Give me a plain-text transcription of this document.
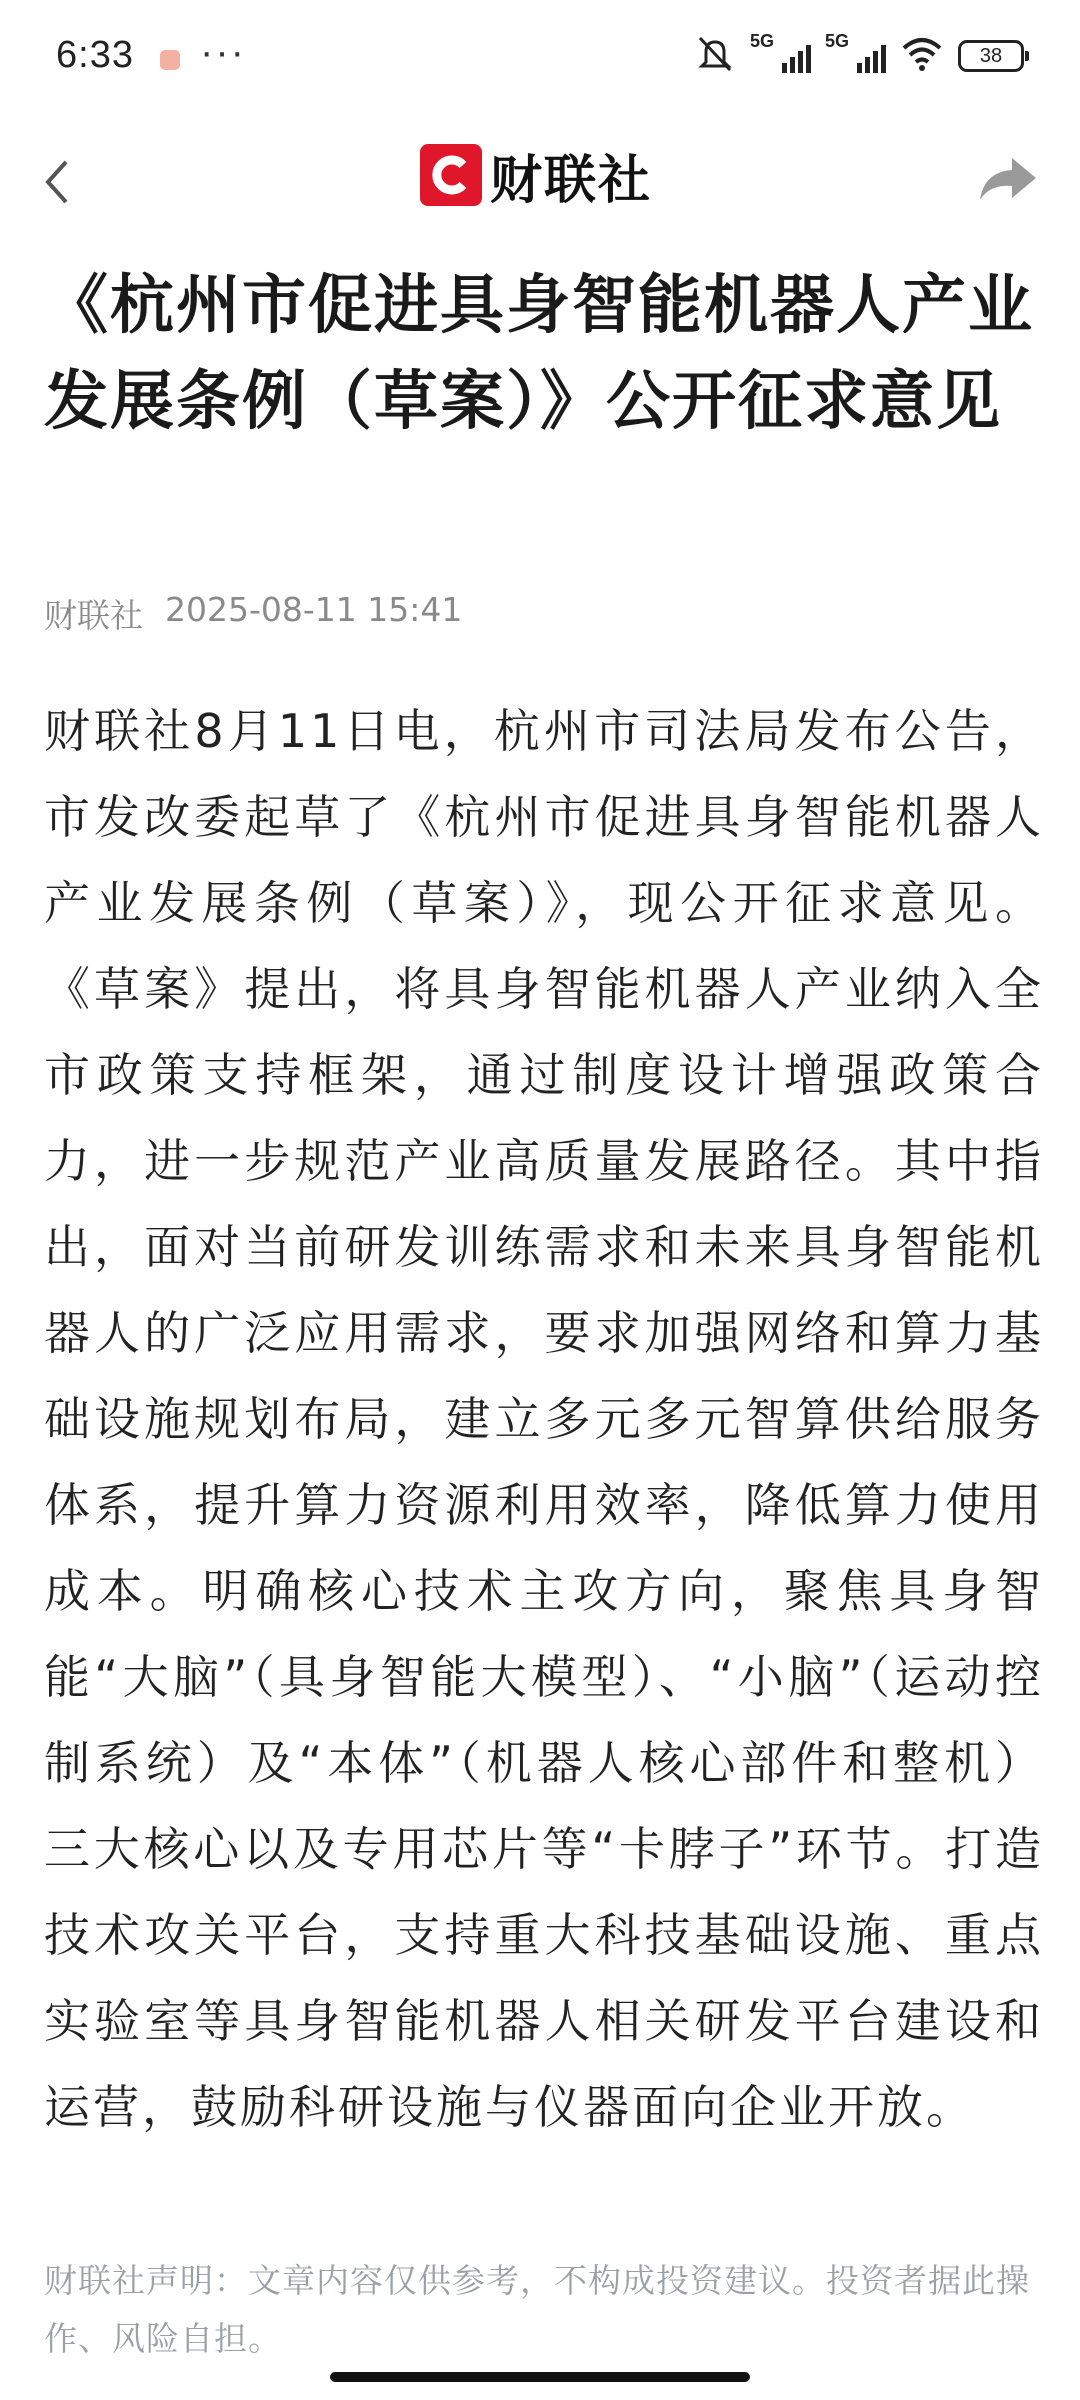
6:33 ···	5G	5G
38
财联社
《杭州市促进具身智能机器人产业发展条例（草案）》公开征求意见
财联社 2025-08-11 15:41

财联社8月11日电，杭州市司法局发布公告，市发改委起草了《杭州市促进具身智能机器人产业发展条例（草案）》，现公开征求意见。《草案》提出，将具身智能机器人产业纳入全市政策支持框架，通过制度设计增强政策合力，进一步规范产业高质量发展路径。其中指出，面对当前研发训练需求和未来具身智能机器人的广泛应用需求，要求加强网络和算力基础设施规划布局，建立多元多元智算供给服务体系，提升算力资源利用效率，降低算力使用成本。明确核心技术主攻方向，聚焦具身智能“大脑”（具身智能大模型）、“小脑”（运动控制系统）及“本体”（机器人核心部件和整机）三大核心以及专用芯片等“卡脖子”环节。打造技术攻关平台，支持重大科技基础设施、重点实验室等具身智能机器人相关研发平台建设和运营，鼓励科研设施与仪器面向企业开放。

财联社声明：文章内容仅供参考，不构成投资建议。投资者据此操作、风险自担。
